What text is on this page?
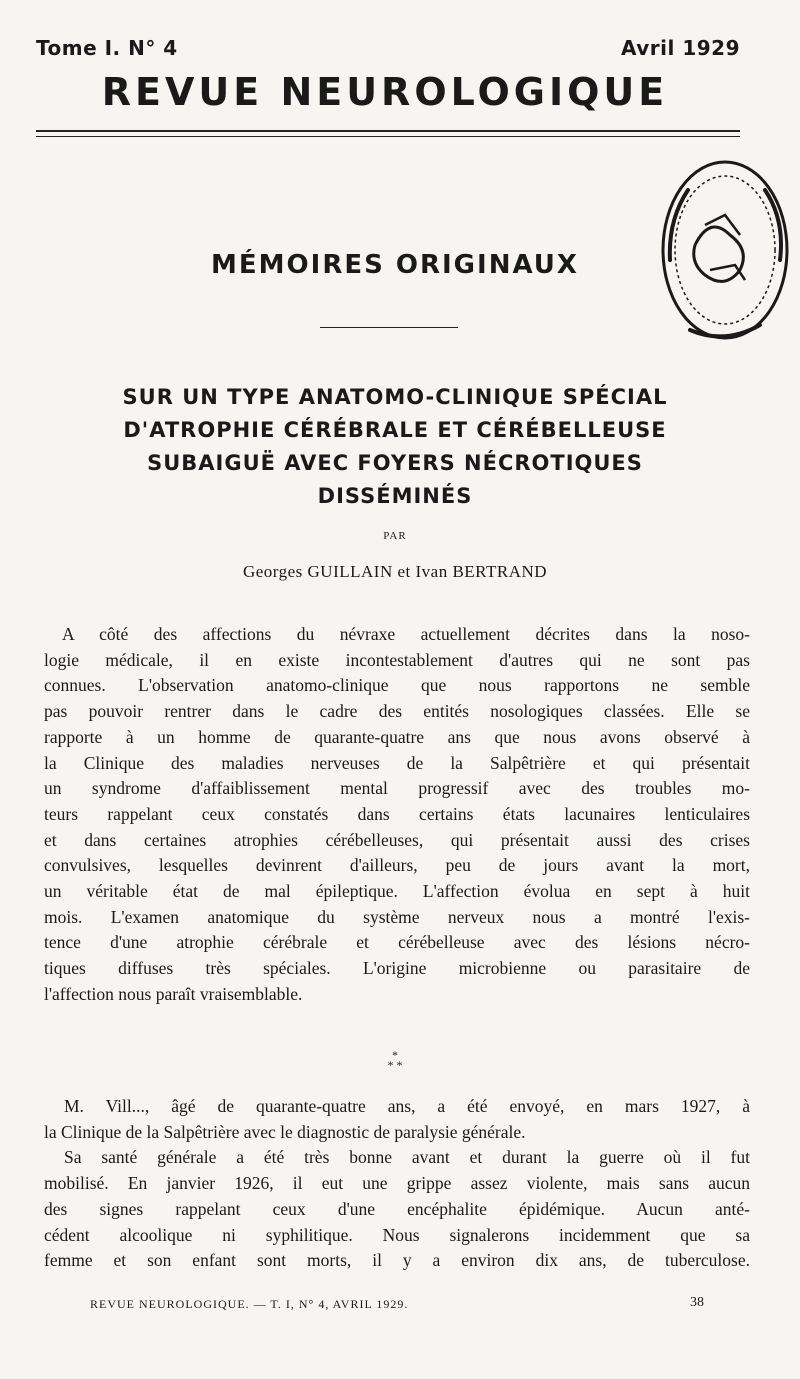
Tome I. N° 4	Avril 1929
REVUE NEUROLOGIQUE
MÉMOIRES ORIGINAUX
SUR UN TYPE ANATOMO-CLINIQUE SPÉCIAL
D'ATROPHIE CÉRÉBRALE ET CÉRÉBELLEUSE
SUBAIGUË AVEC FOYERS NÉCROTIQUES
DISSÉMINÉS
PAR
Georges GUILLAIN et Ivan BERTRAND
A côté des affections du névraxe actuellement décrites dans la noso-
logie médicale, il en existe incontestablement d'autres qui ne sont pas
connues. L'observation anatomo-clinique que nous rapportons ne semble
pas pouvoir rentrer dans le cadre des entités nosologiques classées. Elle se
rapporte à un homme de quarante-quatre ans que nous avons observé à
la Clinique des maladies nerveuses de la Salpêtrière et qui présentait
un syndrome d'affaiblissement mental progressif avec des troubles mo-
teurs rappelant ceux constatés dans certains états lacunaires lenticulaires
et dans certaines atrophies cérébelleuses, qui présentait aussi des crises
convulsives, lesquelles devinrent d'ailleurs, peu de jours avant la mort,
un véritable état de mal épileptique. L'affection évolua en sept à huit
mois. L'examen anatomique du système nerveux nous a montré l'exis-
tence d'une atrophie cérébrale et cérébelleuse avec des lésions nécro-
tiques diffuses très spéciales. L'origine microbienne ou parasitaire de
l'affection nous paraît vraisemblable.
*
* *
M. Vill..., âgé de quarante-quatre ans, a été envoyé, en mars 1927, à
la Clinique de la Salpêtrière avec le diagnostic de paralysie générale.
Sa santé générale a été très bonne avant et durant la guerre où il fut
mobilisé. En janvier 1926, il eut une grippe assez violente, mais sans aucun
des signes rappelant ceux d'une encéphalite épidémique. Aucun anté-
cédent alcoolique ni syphilitique. Nous signalerons incidemment que sa
femme et son enfant sont morts, il y a environ dix ans, de tuberculose.
REVUE NEUROLOGIQUE. — T. I, N° 4, AVRIL 1929.	38
